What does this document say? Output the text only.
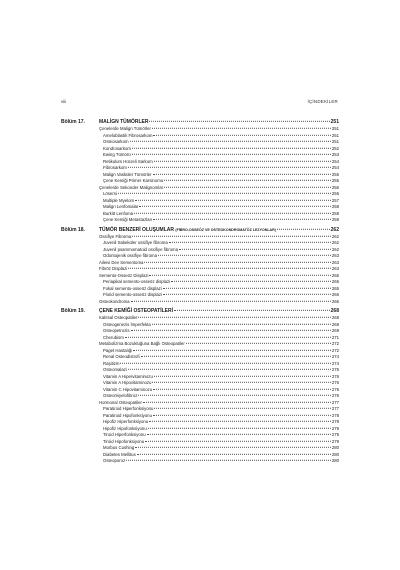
viii	İÇİNDEKİLER
Bölüm 17.	MALİGN TÜMÖRLER	251
Çenelerde Malign Tümörler	251
Ameloblastik Fibrosarkom	251
Osteosarkom	251
Kondrosarkom	252
Ewing Tümörü	253
Retikulum Hücreli Sarkom	254
Fibrosarkom	254
Malign Vasküler Tümörler	255
Çene Kemiği Primer Karsinomu	255
Çenelerde Sekonder Malignomlar	256
Lösemi	256
Multiple Myelom	257
Malign Lenfomalar	258
Burkitt Lenfoma	258
Çene Kemiği Metastazları	259
Bölüm 18.	TÜMÖR BENZERİ OLUŞUMLAR (FİBRO-OSSEÖZ VE OSTEOKONDROMATÖZ LEZYONLAR)	262
Ossifiye Fibroma	262
Juvenil trabeküler ossifiye fibroma	262
Juvenil psammomatoid ossifiye fibroma	262
Odontojenik ossifiye fibroma	263
Aileivi Dev Sementoma	263
Fibröz Displazi	263
Semento-Osseöz Displazi	265
Periapikal semento-osseöz displazi	265
Fokal semento-osseöz displazi	265
Florid semento-osseöz displazi	266
Osteokondroma	266
Bölüm 19.	ÇENE KEMİĞİ OSTEOPATİLERİ	268
Kalıtsal Osteopatiler	268
Osteogenezis İmperfekta	268
Osteopetrozis	269
Cherubism	271
Metabolizma Bozukluğuna Bağlı Osteopatiler	272
Paget Hastalığı	272
Renal Osteodistrofi	274
Raşitizm	274
Osteomalazi	275
Vitamin A Hipervitaminozu	276
Vitamin A Hipovitaminozu	276
Vitamin C Hipovitaminozu	276
Osteomiyelofibroz	276
Hormonal Osteopatiler	277
Paratiroid Hiperfonksiyonu	277
Paratiroid Hipofonksiyonu	278
Hipofiz Hiperfonksiyonu	278
Hipofiz Hipofonksiyonu	279
Tiroid Hiperfonksiyonu	279
Tiroid Hipofonksiyonu	279
Morbus Cushing	280
Diabetes Mellitus	280
Osteoporoz	280
